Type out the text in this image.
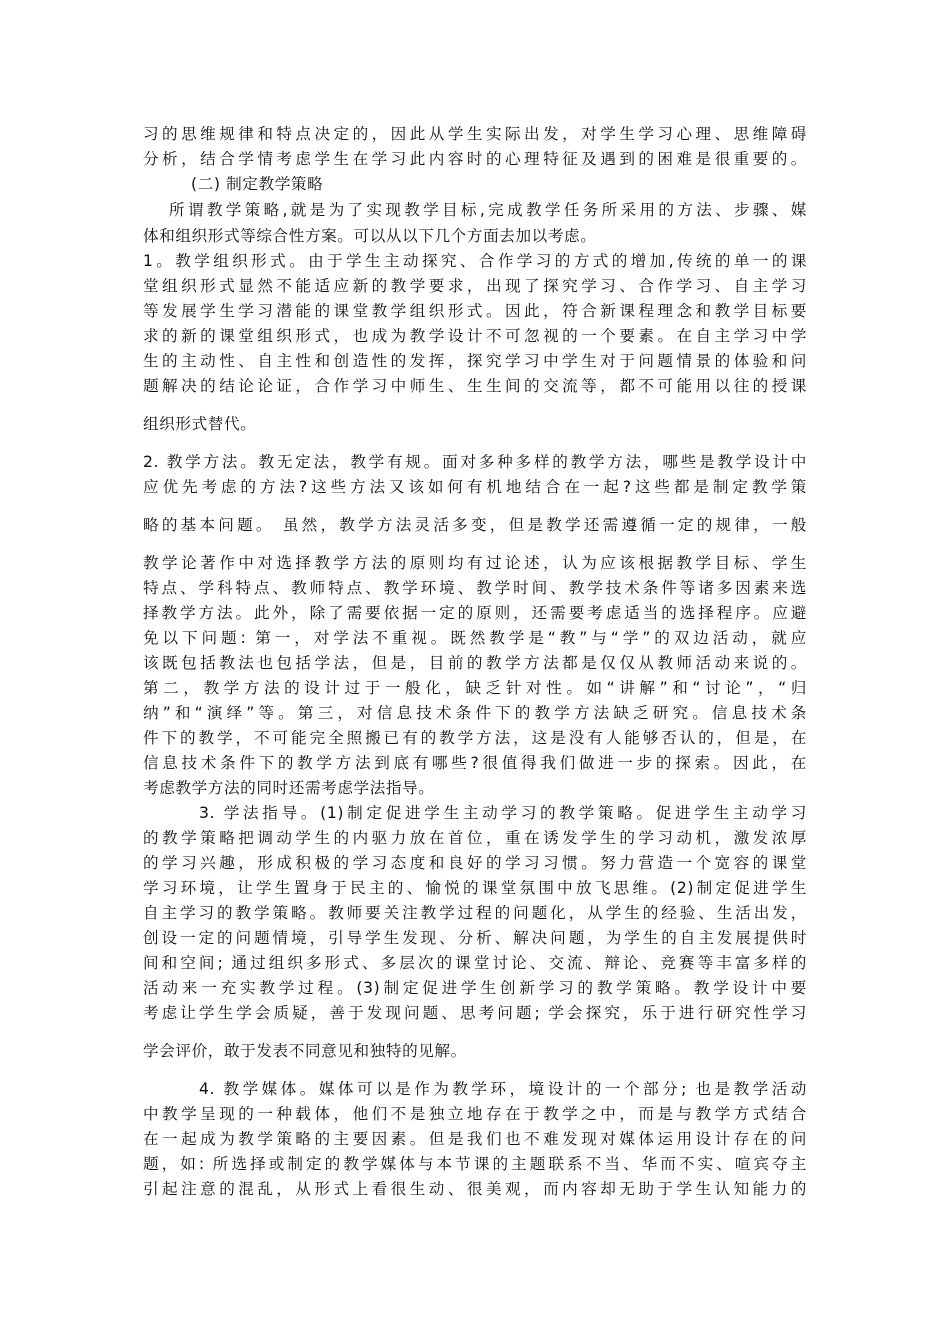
习的思维规律和特点决定的，因此从学生实际出发，对学生学习心理、思维障碍
分析，结合学情考虑学生在学习此内容时的心理特征及遇到的困难是很重要的。
(二) 制定教学策略
所谓教学策略,就是为了实现教学目标,完成教学任务所采用的方法、步骤、媒
体和组织形式等综合性方案。可以从以下几个方面去加以考虑。
1。教学组织形式。由于学生主动探究、合作学习的方式的增加,传统的单一的课
堂组织形式显然不能适应新的教学要求，出现了探究学习、合作学习、自主学习
等发展学生学习潜能的课堂教学组织形式。因此，符合新课程理念和教学目标要
求的新的课堂组织形式，也成为教学设计不可忽视的一个要素。在自主学习中学
生的主动性、自主性和创造性的发挥，探究学习中学生对于问题情景的体验和问
题解决的结论论证，合作学习中师生、生生间的交流等，都不可能用以往的授课
组织形式替代。
2. 教学方法。教无定法，教学有规。面对多种多样的教学方法，哪些是教学设计中
应优先考虑的方法?这些方法又该如何有机地结合在一起?这些都是制定教学策
略的基本问题。 虽然，教学方法灵活多变，但是教学还需遵循一定的规律，一般
教学论著作中对选择教学方法的原则均有过论述，认为应该根据教学目标、学生
特点、学科特点、教师特点、教学环境、教学时间、教学技术条件等诸多因素来选
择教学方法。此外，除了需要依据一定的原则，还需要考虑适当的选择程序。应避
免以下问题: 第一，对学法不重视。既然教学是“教”与“学”的双边活动，就应
该既包括教法也包括学法，但是，目前的教学方法都是仅仅从教师活动来说的。
第二，教学方法的设计过于一般化，缺乏针对性。如“讲解”和“讨论”，“归
纳”和“演绎”等。第三，对信息技术条件下的教学方法缺乏研究。信息技术条
件下的教学，不可能完全照搬已有的教学方法，这是没有人能够否认的，但是，在
信息技术条件下的教学方法到底有哪些?很值得我们做进一步的探索。因此，在
考虑教学方法的同时还需考虑学法指导。
3. 学法指导。(1)制定促进学生主动学习的教学策略。促进学生主动学习
的教学策略把调动学生的内驱力放在首位，重在诱发学生的学习动机，激发浓厚
的学习兴趣，形成积极的学习态度和良好的学习习惯。努力营造一个宽容的课堂
学习环境，让学生置身于民主的、愉悦的课堂氛围中放飞思维。(2)制定促进学生
自主学习的教学策略。教师要关注教学过程的问题化，从学生的经验、生活出发，
创设一定的问题情境，引导学生发现、分析、解决问题，为学生的自主发展提供时
间和空间; 通过组织多形式、多层次的课堂讨论、交流、辩论、竞赛等丰富多样的
活动来一充实教学过程。(3)制定促进学生创新学习的教学策略。教学设计中要
考虑让学生学会质疑，善于发现问题、思考问题; 学会探究，乐于进行研究性学习
学会评价，敢于发表不同意见和独特的见解。
4. 教学媒体。媒体可以是作为教学环，境设计的一个部分; 也是教学活动
中教学呈现的一种载体，他们不是独立地存在于教学之中，而是与教学方式结合
在一起成为教学策略的主要因素。但是我们也不难发现对媒体运用设计存在的问
题，如: 所选择或制定的教学媒体与本节课的主题联系不当、华而不实、喧宾夺主
引起注意的混乱，从形式上看很生动、很美观，而内容却无助于学生认知能力的
